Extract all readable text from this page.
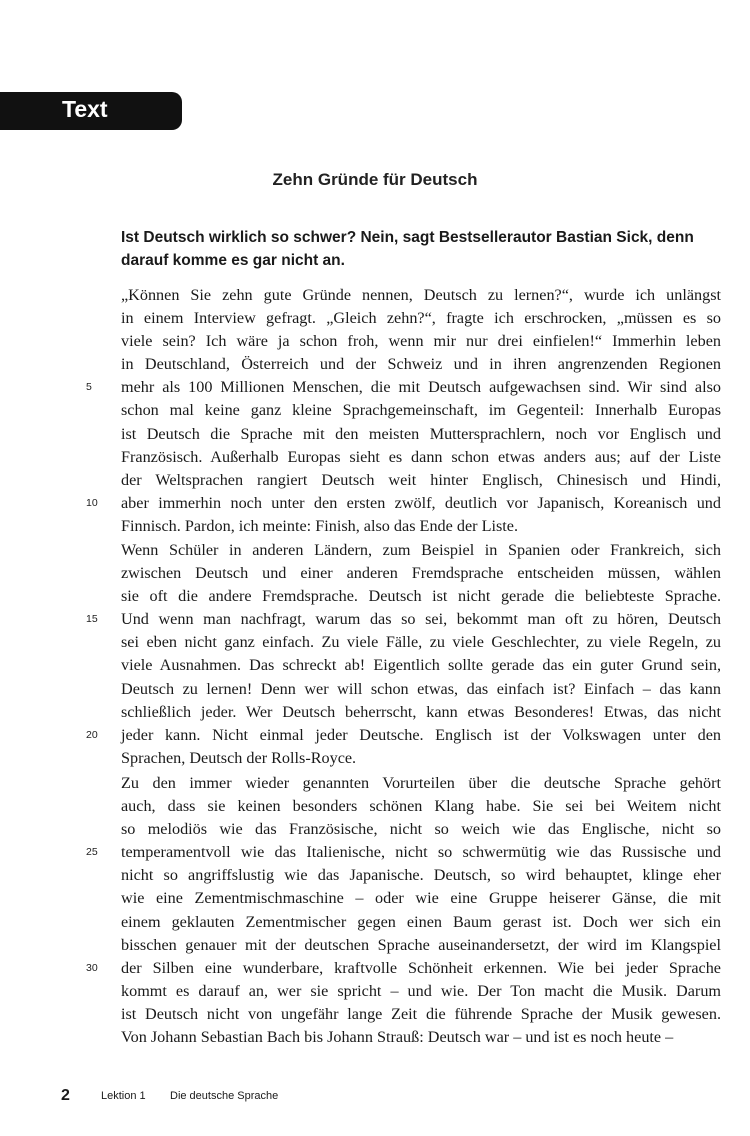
Text
Zehn Gründe für Deutsch
Ist Deutsch wirklich so schwer? Nein, sagt Bestsellerautor Bastian Sick, denn darauf komme es gar nicht an.
„Können Sie zehn gute Gründe nennen, Deutsch zu lernen?“, wurde ich unlängst
in einem Interview gefragt. „Gleich zehn?“, fragte ich erschrocken, „müssen es so
viele sein? Ich wäre ja schon froh, wenn mir nur drei einfielen!“ Immerhin leben
in Deutschland, Österreich und der Schweiz und in ihren angrenzenden Regionen
mehr als 100 Millionen Menschen, die mit Deutsch aufgewachsen sind. Wir sind also
5
schon mal keine ganz kleine Sprachgemeinschaft, im Gegenteil: Innerhalb Europas
ist Deutsch die Sprache mit den meisten Muttersprachlern, noch vor Englisch und
Französisch. Außerhalb Europas sieht es dann schon etwas anders aus; auf der Liste
der Weltsprachen rangiert Deutsch weit hinter Englisch, Chinesisch und Hindi,
aber immerhin noch unter den ersten zwölf, deutlich vor Japanisch, Koreanisch und
10
Finnisch. Pardon, ich meinte: Finish, also das Ende der Liste.
Wenn Schüler in anderen Ländern, zum Beispiel in Spanien oder Frankreich, sich
zwischen Deutsch und einer anderen Fremdsprache entscheiden müssen, wählen
sie oft die andere Fremdsprache. Deutsch ist nicht gerade die beliebteste Sprache.
Und wenn man nachfragt, warum das so sei, bekommt man oft zu hören, Deutsch
15
sei eben nicht ganz einfach. Zu viele Fälle, zu viele Geschlechter, zu viele Regeln, zu
viele Ausnahmen. Das schreckt ab! Eigentlich sollte gerade das ein guter Grund sein,
Deutsch zu lernen! Denn wer will schon etwas, das einfach ist? Einfach – das kann
schließlich jeder. Wer Deutsch beherrscht, kann etwas Besonderes! Etwas, das nicht
jeder kann. Nicht einmal jeder Deutsche. Englisch ist der Volkswagen unter den
20
Sprachen, Deutsch der Rolls-Royce.
Zu den immer wieder genannten Vorurteilen über die deutsche Sprache gehört
auch, dass sie keinen besonders schönen Klang habe. Sie sei bei Weitem nicht
so melodiös wie das Französische, nicht so weich wie das Englische, nicht so
temperamentvoll wie das Italienische, nicht so schwermütig wie das Russische und
25
nicht so angriffslustig wie das Japanische. Deutsch, so wird behauptet, klinge eher
wie eine Zementmischmaschine – oder wie eine Gruppe heiserer Gänse, die mit
einem geklauten Zementmischer gegen einen Baum gerast ist. Doch wer sich ein
bisschen genauer mit der deutschen Sprache auseinandersetzt, der wird im Klangspiel
der Silben eine wunderbare, kraftvolle Schönheit erkennen. Wie bei jeder Sprache
30
kommt es darauf an, wer sie spricht – und wie. Der Ton macht die Musik. Darum
ist Deutsch nicht von ungefähr lange Zeit die führende Sprache der Musik gewesen.
Von Johann Sebastian Bach bis Johann Strauß: Deutsch war – und ist es noch heute –
2	Lektion 1 Die deutsche Sprache
